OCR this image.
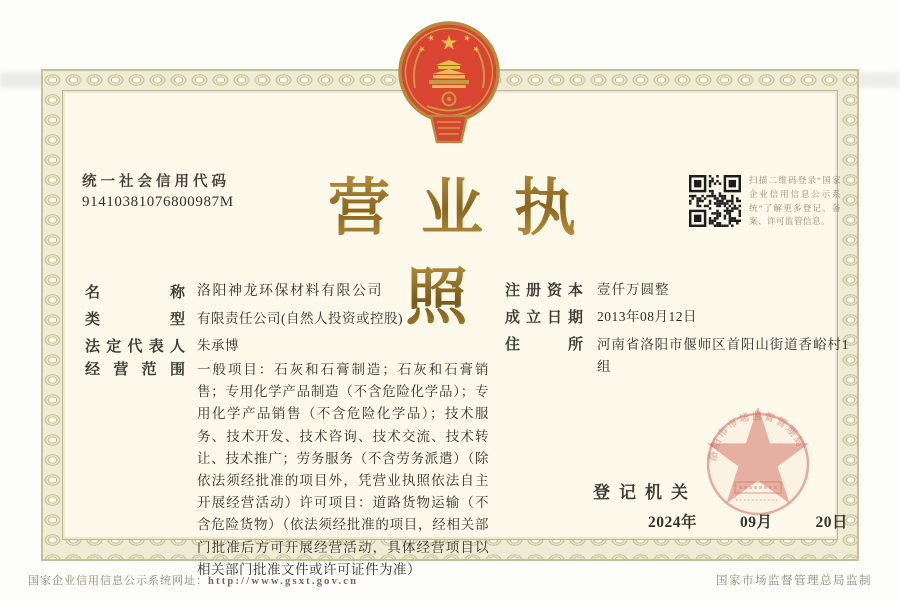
统一社会信用代码
91410381076800987M	营业执照
扫描二维码登录“国家企业信用信息公示系统”了解更多登记、备案、许可监管信息。
名称 洛阳神龙环保材料有限公司
类型 有限责任公司(自然人投资或控股)
法定代表人 朱承博
经营范围 一般项目：石灰和石膏制造；石灰和石膏销售；专用化学产品制造（不含危险化学品）；专用化学产品销售（不含危险化学品）；技术服务、技术开发、技术咨询、技术交流、技术转让、技术推广；劳务服务（不含劳务派遣）（除依法须经批准的项目外，凭营业执照依法自主开展经营活动）许可项目：道路货物运输（不含危险货物）（依法须经批准的项目，经相关部门批准后方可开展经营活动，具体经营项目以相关部门批准文件或许可证件为准）
注册资本 壹仟万圆整
成立日期 2013年08月12日
住所 河南省洛阳市偃师区首阳山街道香峪村1组
登记机关
洛阳市市场监督管理局
2024年	09月	20日
国家企业信用信息公示系统网址：http://www.gsxt.gov.cn	国家市场监督管理总局监制
